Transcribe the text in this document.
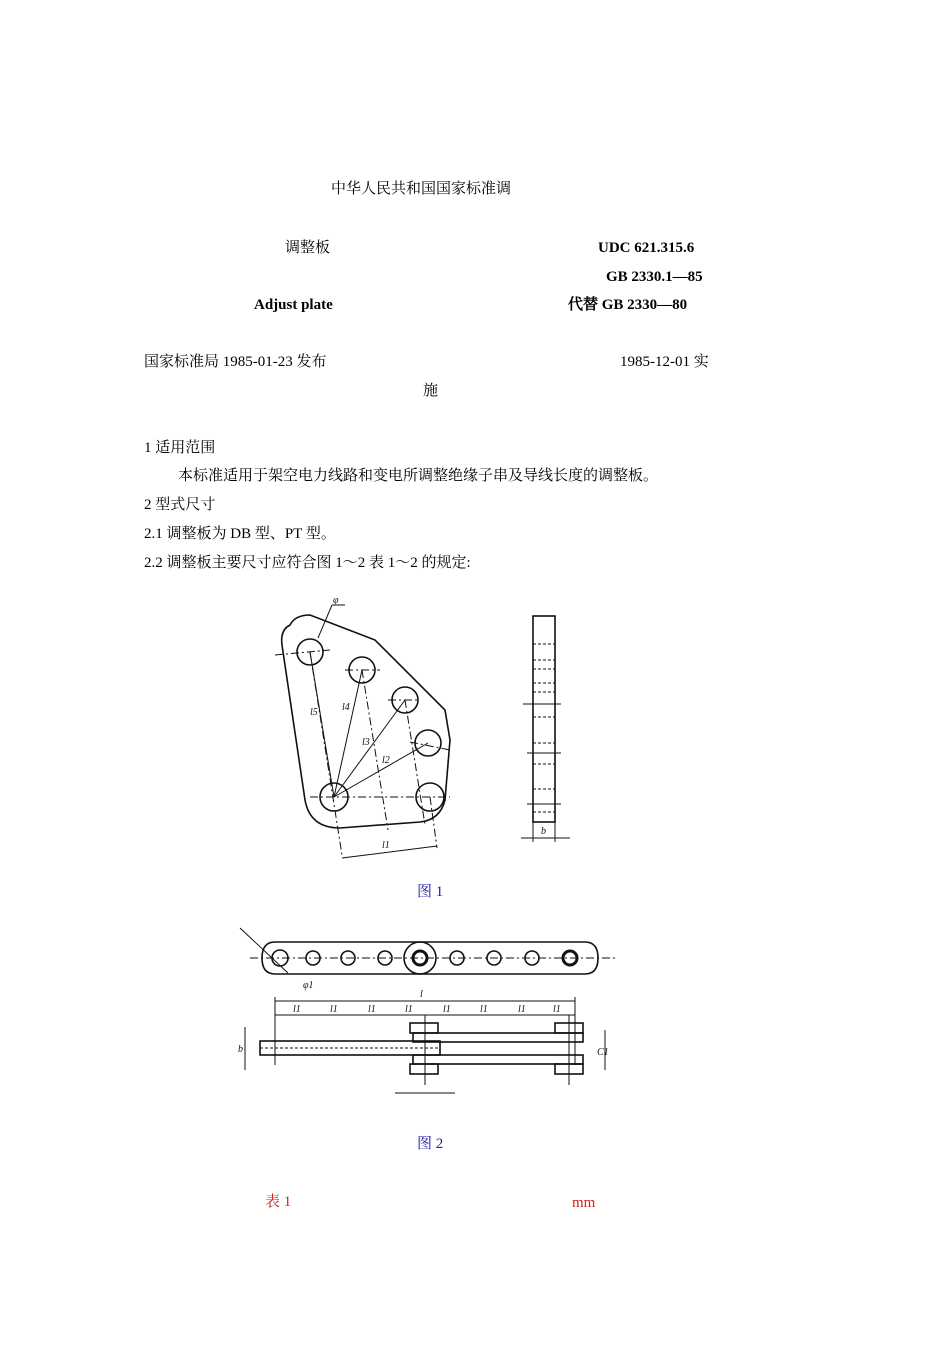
中华人民共和国国家标准调
调整板	UDC 621.315.6
GB 2330.1—85
Adjust plate	代替 GB 2330—80
国家标准局 1985-01-23 发布	1985-12-01 实
施
1 适用范围
本标准适用于架空电力线路和变电所调整绝缘子串及导线长度的调整板。
2 型式尺寸
2.1 调整板为 DB 型、PT 型。
2.2 调整板主要尺寸应符合图 1～2 表 1～2 的规定:
φ
l5 l4
l3
l2
l1
b
图 1
φ1
l
l1	l1	l1	l1	l1	l1	l1	l1
b	C1
图 2
表 1	mm
